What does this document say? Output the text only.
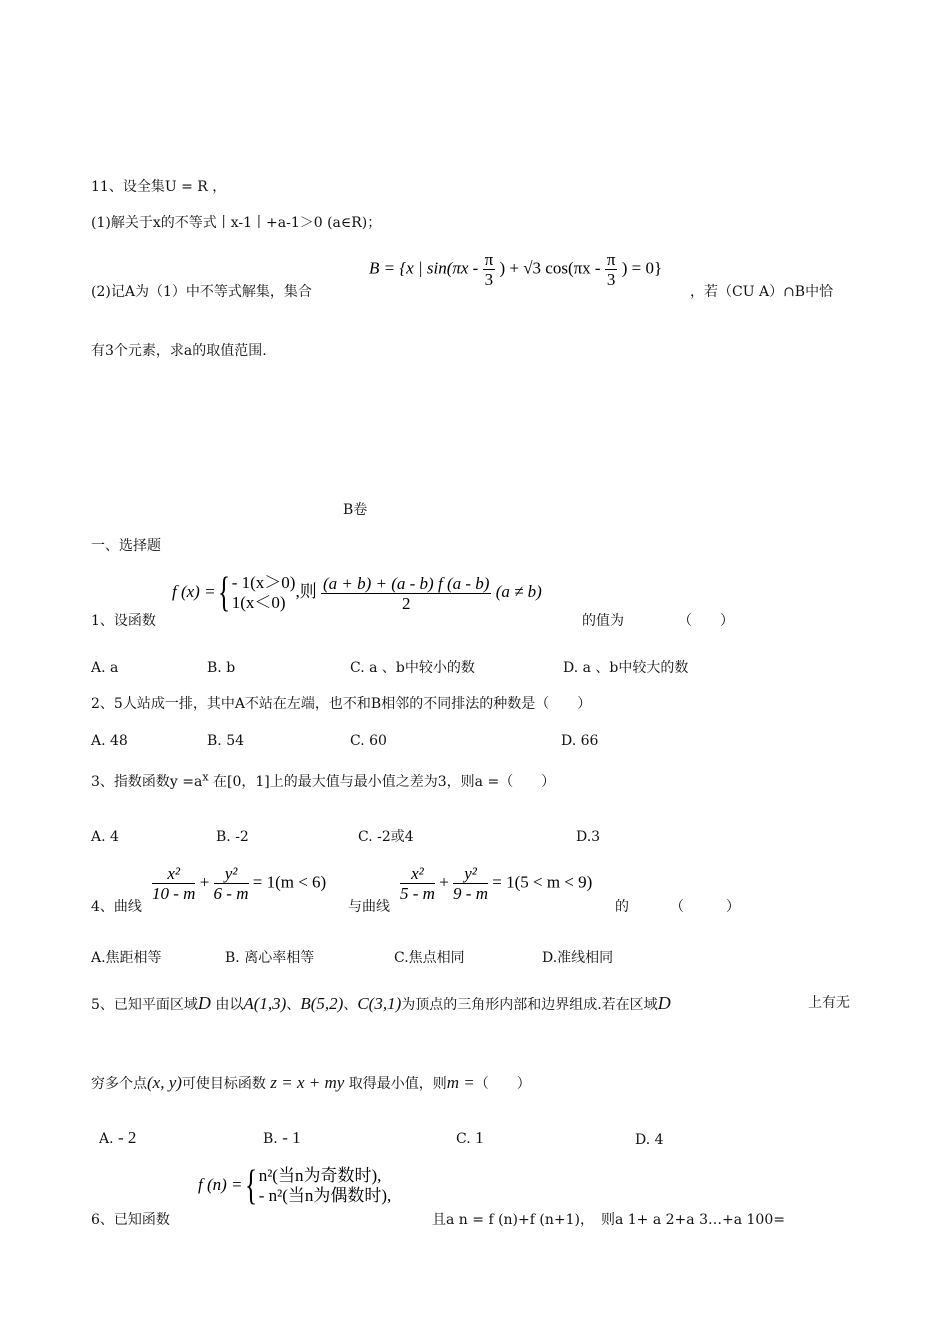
11、设全集U = R ，
(1)解关于x的不等式丨x-1丨+a-1＞0 (a∈R)；
(2)记A为（1）中不等式解集，集合
B = {x | $\sin(\pi x - \frac{\pi}{3}$ ) + √3 $\cos(\pi x - \frac{\pi}{3}$ ) = 0}
，若（CU A）∩B中恰
有3个元素，求a的取值范围.
B卷
一、选择题
1、设函数
f (x) ={ - 1(x＞0)
1(x＜0)
,则 $\frac{(a + b) + (a - b) f (a - b)}{2} (a \ne b)$
的值为	（　　）
A. a	B. b	C. a 、b中较小的数	D. a 、b中较大的数
2、5人站成一排，其中A不站在左端，也不和B相邻的不同排法的种数是（　　）
A. 48	B. 54	C. 60	D. 66
3、指数函数$y =a^x$ 在[0，1]上的最大值与最小值之差为3，则a =（　　）
A. 4	B. -2	C. -2或4	D.3
4、曲线
$\frac{\text{x²}}{10 - m} + \frac{\text{y²}}{6 - m} = 1(m < 6)$
与曲线
$\frac{\text{x²}}{5 - m} + \frac{\text{y²}}{9 - m} = 1(5 < m < 9)$
的	（　　　）
A.焦距相等	B. 离心率相等	C.焦点相同	D.准线相同
5、已知平面区域D 由以A(1,3)、B(5,2)、C(3,1)为顶点的三角形内部和边界组成.若在区域D	上有无
穷多个点(x, y)可使目标函数 z = x + my 取得最小值，则m =（　　）
A. - 2	B. - 1	C. 1	D. 4
6、已知函数
f (n) ={ n²(当n为奇数时),
- n²(当n为偶数时),
且a n = f (n)+f (n+1)，　则a 1+ a 2+a 3…+a 100=
